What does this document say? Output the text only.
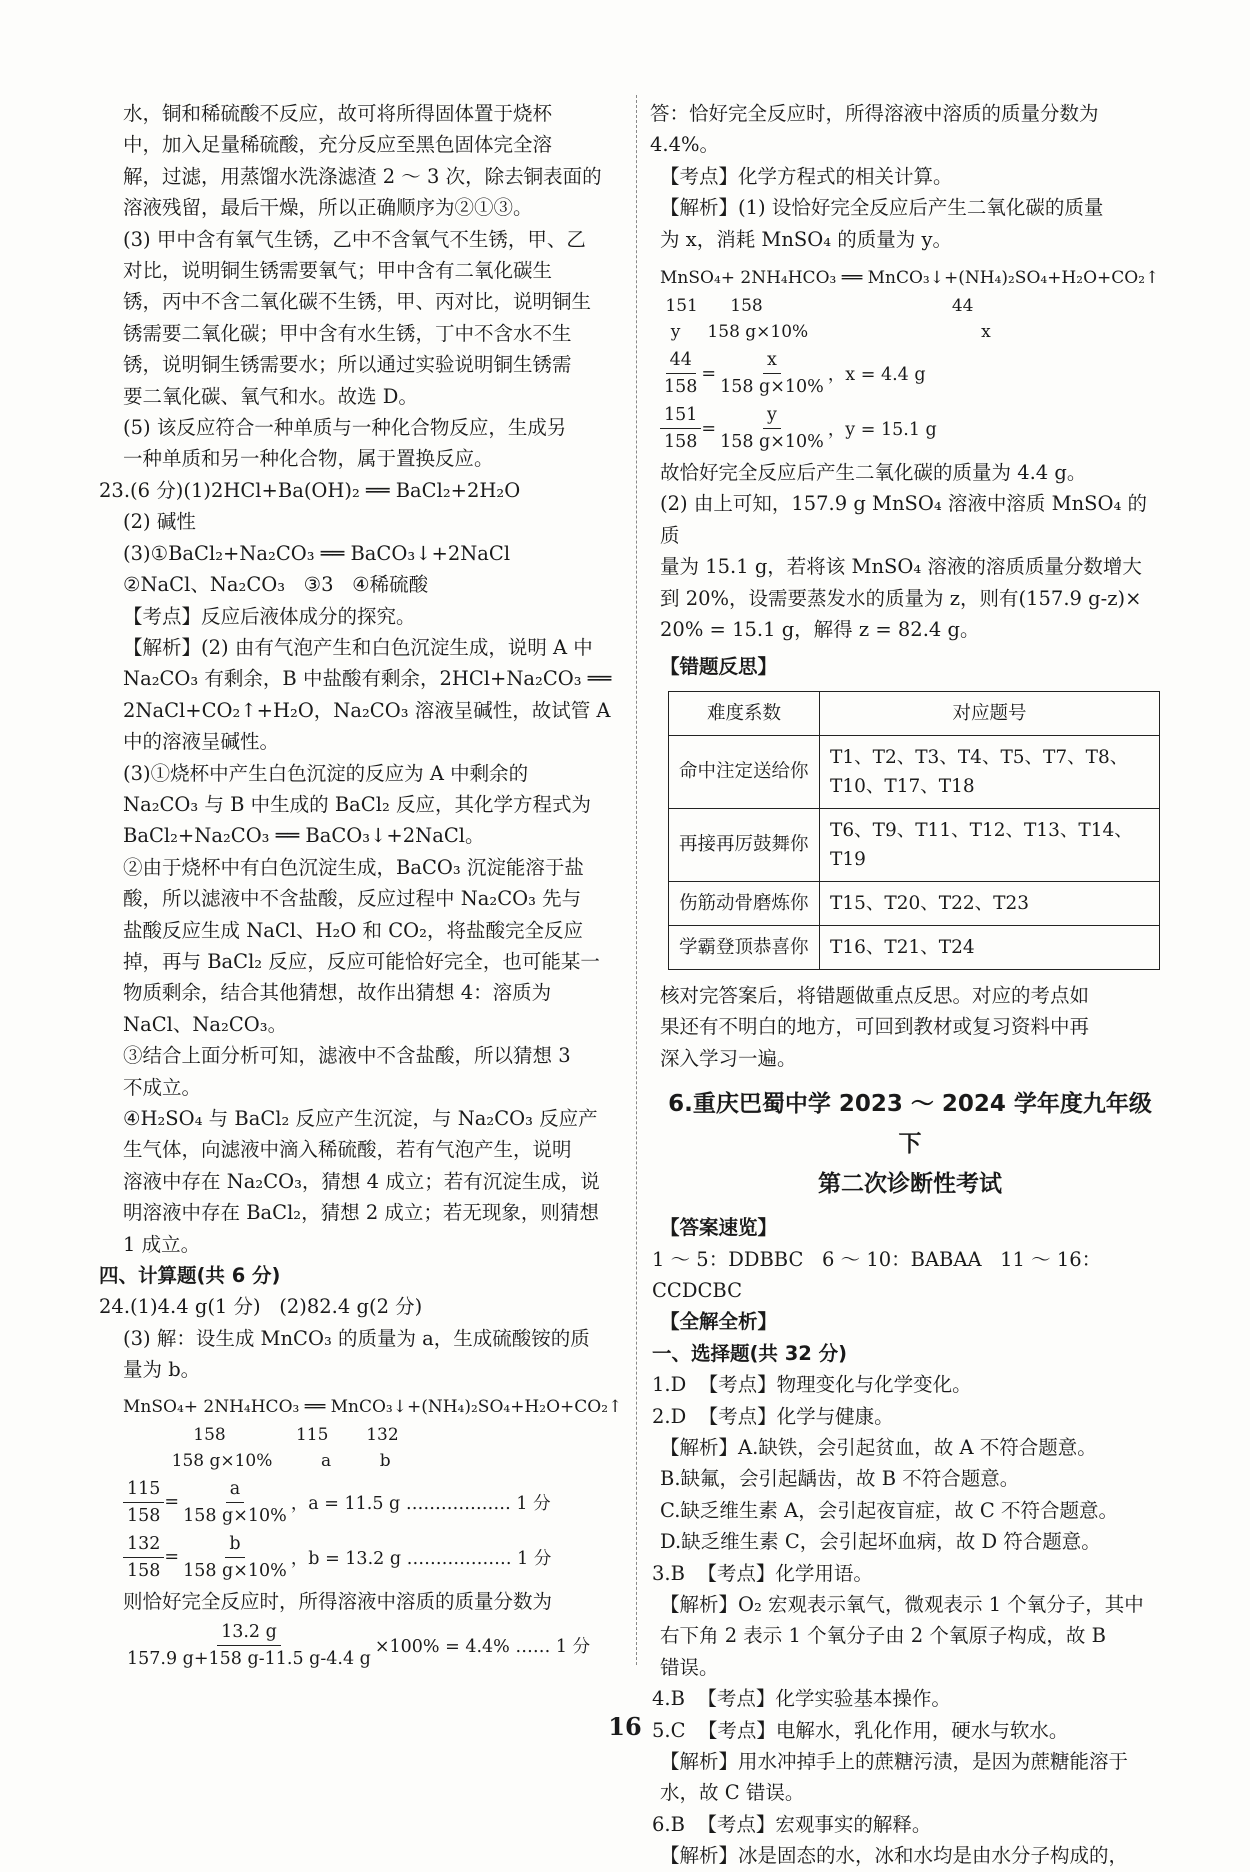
水，铜和稀硫酸不反应，故可将所得固体置于烧杯

中，加入足量稀硫酸，充分反应至黑色固体完全溶

解，过滤，用蒸馏水洗涤滤渣 2 ～ 3 次，除去铜表面的

溶液残留，最后干燥，所以正确顺序为②①③。

(3) 甲中含有氧气生锈，乙中不含氧气不生锈，甲、乙

对比，说明铜生锈需要氧气；甲中含有二氧化碳生

锈，丙中不含二氧化碳不生锈，甲、丙对比，说明铜生

锈需要二氧化碳；甲中含有水生锈，丁中不含水不生

锈，说明铜生锈需要水；所以通过实验说明铜生锈需

要二氧化碳、氧气和水。故选 D。

(5) 该反应符合一种单质与一种化合物反应，生成另

一种单质和另一种化合物，属于置换反应。

23.(6 分)(1)2HCl+Ba(OH)₂ ══ BaCl₂+2H₂O

(2) 碱性

(3)①BaCl₂+Na₂CO₃ ══ BaCO₃↓+2NaCl

②NaCl、Na₂CO₃   ③3   ④稀硫酸

【考点】反应后液体成分的探究。

【解析】(2) 由有气泡产生和白色沉淀生成，说明 A 中

Na₂CO₃ 有剩余，B 中盐酸有剩余，2HCl+Na₂CO₃ ══

2NaCl+CO₂↑+H₂O，Na₂CO₃ 溶液呈碱性，故试管 A

中的溶液呈碱性。

(3)①烧杯中产生白色沉淀的反应为 A 中剩余的

Na₂CO₃ 与 B 中生成的 BaCl₂ 反应，其化学方程式为

BaCl₂+Na₂CO₃ ══ BaCO₃↓+2NaCl。

②由于烧杯中有白色沉淀生成，BaCO₃ 沉淀能溶于盐

酸，所以滤液中不含盐酸，反应过程中 Na₂CO₃ 先与

盐酸反应生成 NaCl、H₂O 和 CO₂，将盐酸完全反应

掉，再与 BaCl₂ 反应，反应可能恰好完全，也可能某一

物质剩余，结合其他猜想，故作出猜想 4：溶质为

NaCl、Na₂CO₃。

③结合上面分析可知，滤液中不含盐酸，所以猜想 3

不成立。

④H₂SO₄ 与 BaCl₂ 反应产生沉淀，与 Na₂CO₃ 反应产

生气体，向滤液中滴入稀硫酸，若有气泡产生，说明

溶液中存在 Na₂CO₃，猜想 4 成立；若有沉淀生成，说

明溶液中存在 BaCl₂，猜想 2 成立；若无现象，则猜想

1 成立。

四、计算题(共 6 分)

24.(1)4.4 g(1 分)   (2)82.4 g(2 分)

(3) 解：设生成 MnCO₃ 的质量为 a，生成硫酸铵的质

量为 b。

MnSO₄+ 2NH₄HCO₃ ══ MnCO₃↓+(NH₄)₂SO₄+H₂O+CO₂↑
158             115       132
158 g×10%         a         b
$\frac{115}{158} = \frac{a}{158 g\times 10\%}$ ，a = 11.5 g ……………… 1 分
$\frac{132}{158} = \frac{b}{158 g\times 10\%}$ ，b = 13.2 g ……………… 1 分

则恰好完全反应时，所得溶液中溶质的质量分数为

$\frac{13.2 g}{157.9 g+158 g-11.5 g-4.4 g} \times 100\% = 4.4\%$ …… 1 分

答：恰好完全反应时，所得溶液中溶质的质量分数为 4.4%。

【考点】化学方程式的相关计算。

【解析】(1) 设恰好完全反应后产生二氧化碳的质量

为 x，消耗 MnSO₄ 的质量为 y。

MnSO₄+ 2NH₄HCO₃ ══ MnCO₃↓+(NH₄)₂SO₄+H₂O+CO₂↑
151      158                                   44
y     158 g×10%                                x
$\frac{44}{158} = \frac{x}{158 g\times 10\%}$ ，x = 4.4 g
$\frac{151}{158} = \frac{y}{158 g\times 10\%}$ ，y = 15.1 g

故恰好完全反应后产生二氧化碳的质量为 4.4 g。

(2) 由上可知，157.9 g MnSO₄ 溶液中溶质 MnSO₄ 的质

量为 15.1 g，若将该 MnSO₄ 溶液的溶质质量分数增大

到 20%，设需要蒸发水的质量为 z，则有(157.9 g-z)×

20% = 15.1 g，解得 z = 82.4 g。

【错题反思】

难度系数	对应题号
命中注定送给你	T1、T2、T3、T4、T5、T7、T8、T10、T17、T18
再接再厉鼓舞你	T6、T9、T11、T12、T13、T14、T19
伤筋动骨磨炼你	T15、T20、T22、T23
学霸登顶恭喜你	T16、T21、T24

核对完答案后，将错题做重点反思。对应的考点如

果还有不明白的地方，可回到教材或复习资料中再

深入学习一遍。

6.重庆巴蜀中学 2023 ～ 2024 学年度九年级下
第二次诊断性考试

【答案速览】

1 ～ 5：DDBBC   6 ～ 10：BABAA   11 ～ 16：CCDCBC

【全解全析】

一、选择题(共 32 分)

1.D  【考点】物理变化与化学变化。

2.D  【考点】化学与健康。

【解析】A.缺铁，会引起贫血，故 A 不符合题意。

B.缺氟，会引起龋齿，故 B 不符合题意。

C.缺乏维生素 A，会引起夜盲症，故 C 不符合题意。

D.缺乏维生素 C，会引起坏血病，故 D 符合题意。

3.B  【考点】化学用语。

【解析】O₂ 宏观表示氧气，微观表示 1 个氧分子，其中

右下角 2 表示 1 个氧分子由 2 个氧原子构成，故 B

错误。

4.B  【考点】化学实验基本操作。

5.C  【考点】电解水，乳化作用，硬水与软水。

【解析】用水冲掉手上的蔗糖污渍，是因为蔗糖能溶于

水，故 C 错误。

6.B  【考点】宏观事实的解释。

【解析】冰是固态的水，冰和水均是由水分子构成的，

16
